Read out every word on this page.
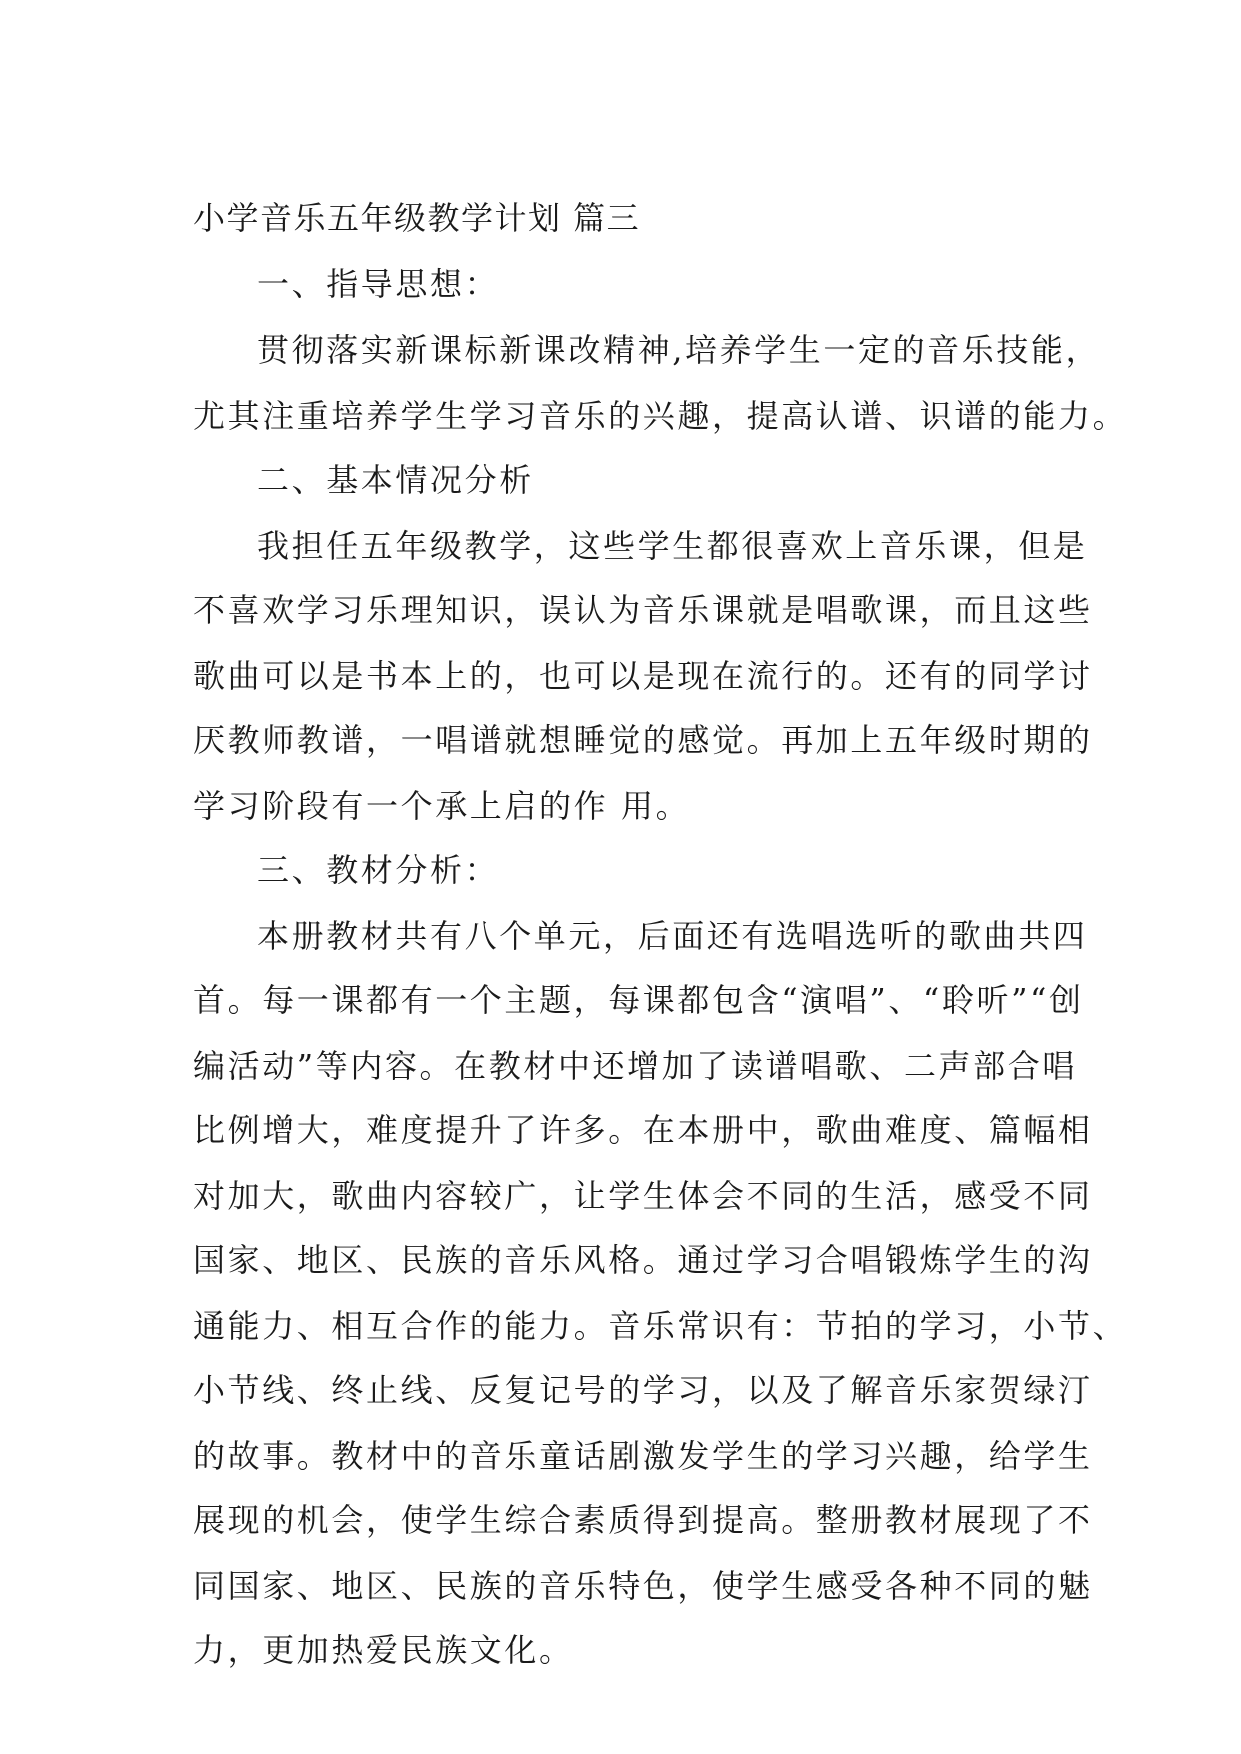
小学音乐五年级教学计划 篇三
一、指导思想：
贯彻落实新课标新课改精神,培养学生一定的音乐技能，
尤其注重培养学生学习音乐的兴趣，提高认谱、识谱的能力。
二、基本情况分析
我担任五年级教学，这些学生都很喜欢上音乐课，但是
不喜欢学习乐理知识，误认为音乐课就是唱歌课，而且这些
歌曲可以是书本上的，也可以是现在流行的。还有的同学讨
厌教师教谱，一唱谱就想睡觉的感觉。再加上五年级时期的
学习阶段有一个承上启的作 用。
三、教材分析：
本册教材共有八个单元，后面还有选唱选听的歌曲共四
首。每一课都有一个主题，每课都包含“演唱”、“聆听”“创
编活动”等内容。在教材中还增加了读谱唱歌、二声部合唱
比例增大，难度提升了许多。在本册中，歌曲难度、篇幅相
对加大，歌曲内容较广，让学生体会不同的生活，感受不同
国家、地区、民族的音乐风格。通过学习合唱锻炼学生的沟
通能力、相互合作的能力。音乐常识有：节拍的学习，小节、
小节线、终止线、反复记号的学习，以及了解音乐家贺绿汀
的故事。教材中的音乐童话剧激发学生的学习兴趣，给学生
展现的机会，使学生综合素质得到提高。整册教材展现了不
同国家、地区、民族的音乐特色，使学生感受各种不同的魅
力，更加热爱民族文化。
